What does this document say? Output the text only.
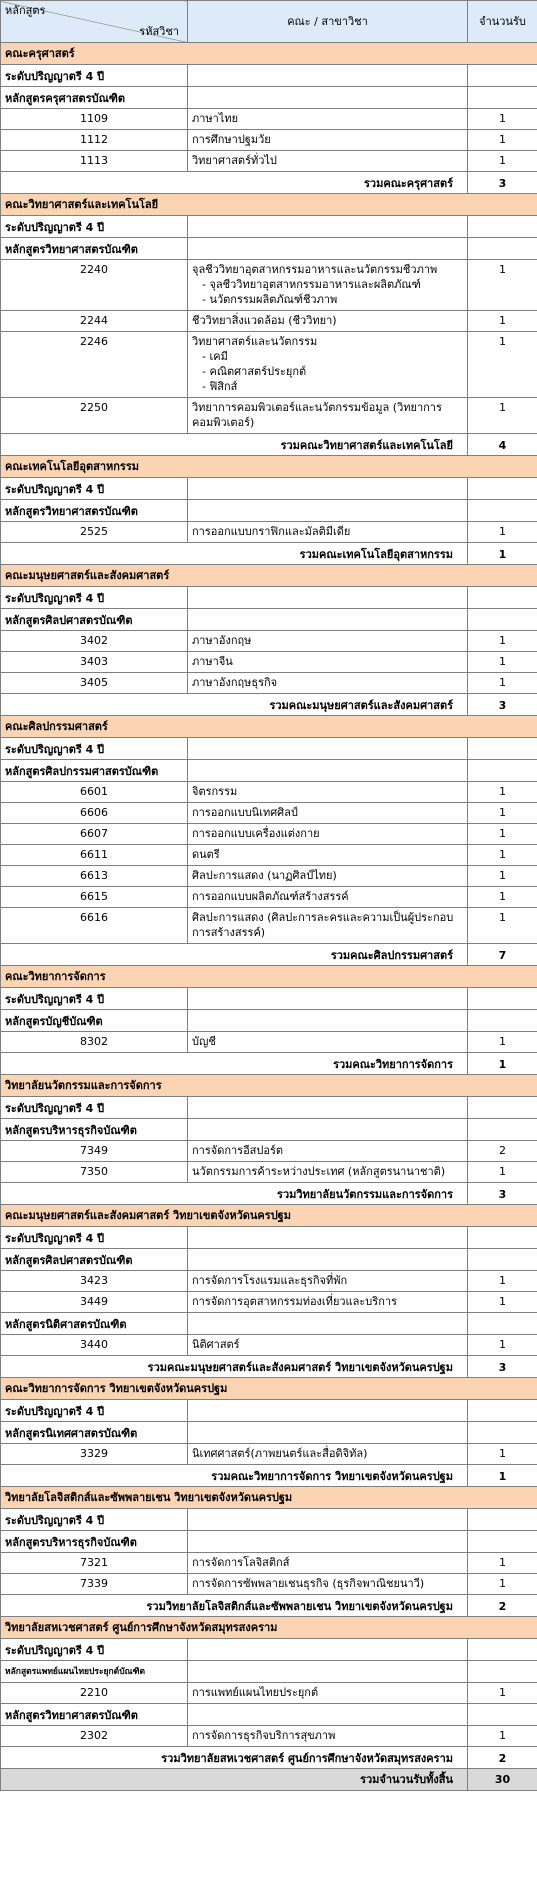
หลักสูตร
รหัสวิชา	คณะ / สาขาวิชา	จำนวนรับ
คณะครุศาสตร์		
ระดับปริญญาตรี 4 ปี		
หลักสูตรครุศาสตรบัณฑิต		
1109	ภาษาไทย	1
1112	การศึกษาปฐมวัย	1
1113	วิทยาศาสตร์ทั่วไป	1
รวมคณะครุศาสตร์		3
คณะวิทยาศาสตร์และเทคโนโลยี		
ระดับปริญญาตรี 4 ปี		
หลักสูตรวิทยาศาสตรบัณฑิต		
2240	จุลชีววิทยาอุตสาหกรรมอาหารและนวัตกรรมชีวภาพ
- จุลชีววิทยาอุตสาหกรรมอาหารและผลิตภัณฑ์
- นวัตกรรมผลิตภัณฑ์ชีวภาพ	1
2244	ชีววิทยาสิ่งแวดล้อม (ชีววิทยา)	1
2246	วิทยาศาสตร์และนวัตกรรม
- เคมี
- คณิตศาสตร์ประยุกต์
- ฟิสิกส์	1
2250	วิทยาการคอมพิวเตอร์และนวัตกรรมข้อมูล (วิทยาการคอมพิวเตอร์)	1
รวมคณะวิทยาศาสตร์และเทคโนโลยี		4
คณะเทคโนโลยีอุตสาหกรรม		
ระดับปริญญาตรี 4 ปี		
หลักสูตรวิทยาศาสตรบัณฑิต		
2525	การออกแบบกราฟิกและมัลติมีเดีย	1
รวมคณะเทคโนโลยีอุตสาหกรรม		1
คณะมนุษยศาสตร์และสังคมศาสตร์		
ระดับปริญญาตรี 4 ปี		
หลักสูตรศิลปศาสตรบัณฑิต		
3402	ภาษาอังกฤษ	1
3403	ภาษาจีน	1
3405	ภาษาอังกฤษธุรกิจ	1
รวมคณะมนุษยศาสตร์และสังคมศาสตร์		3
คณะศิลปกรรมศาสตร์		
ระดับปริญญาตรี 4 ปี		
หลักสูตรศิลปกรรมศาสตรบัณฑิต		
6601	จิตรกรรม	1
6606	การออกแบบนิเทศศิลป์	1
6607	การออกแบบเครื่องแต่งกาย	1
6611	ดนตรี	1
6613	ศิลปะการแสดง (นาฏศิลป์ไทย)	1
6615	การออกแบบผลิตภัณฑ์สร้างสรรค์	1
6616	ศิลปะการแสดง (ศิลปะการละครและความเป็นผู้ประกอบการสร้างสรรค์)	1
รวมคณะศิลปกรรมศาสตร์		7
คณะวิทยาการจัดการ		
ระดับปริญญาตรี 4 ปี		
หลักสูตรบัญชีบัณฑิต		
8302	บัญชี	1
รวมคณะวิทยาการจัดการ		1
วิทยาลัยนวัตกรรมและการจัดการ		
ระดับปริญญาตรี 4 ปี		
หลักสูตรบริหารธุรกิจบัณฑิต		
7349	การจัดการอีสปอร์ต	2
7350	นวัตกรรมการค้าระหว่างประเทศ (หลักสูตรนานาชาติ)	1
รวมวิทยาลัยนวัตกรรมและการจัดการ		3
คณะมนุษยศาสตร์และสังคมศาสตร์ วิทยาเขตจังหวัดนครปฐม		
ระดับปริญญาตรี 4 ปี		
หลักสูตรศิลปศาสตรบัณฑิต		
3423	การจัดการโรงแรมและธุรกิจที่พัก	1
3449	การจัดการอุตสาหกรรมท่องเที่ยวและบริการ	1
หลักสูตรนิติศาสตรบัณฑิต		
3440	นิติศาสตร์	1
รวมคณะมนุษยศาสตร์และสังคมศาสตร์ วิทยาเขตจังหวัดนครปฐม		3
คณะวิทยาการจัดการ วิทยาเขตจังหวัดนครปฐม		
ระดับปริญญาตรี 4 ปี		
หลักสูตรนิเทศศาสตรบัณฑิต		
3329	นิเทศศาสตร์(ภาพยนตร์และสื่อดิจิทัล)	1
รวมคณะวิทยาการจัดการ วิทยาเขตจังหวัดนครปฐม		1
วิทยาลัยโลจิสติกส์และซัพพลายเชน วิทยาเขตจังหวัดนครปฐม		
ระดับปริญญาตรี 4 ปี		
หลักสูตรบริหารธุรกิจบัณฑิต		
7321	การจัดการโลจิสติกส์	1
7339	การจัดการซัพพลายเชนธุรกิจ (ธุรกิจพาณิชยนาวี)	1
รวมวิทยาลัยโลจิสติกส์และซัพพลายเชน วิทยาเขตจังหวัดนครปฐม		2
วิทยาลัยสหเวชศาสตร์ ศูนย์การศึกษาจังหวัดสมุทรสงคราม		
ระดับปริญญาตรี 4 ปี		
หลักสูตรแพทย์แผนไทยประยุกต์บัณฑิต		
2210	การแพทย์แผนไทยประยุกต์	1
หลักสูตรวิทยาศาสตรบัณฑิต		
2302	การจัดการธุรกิจบริการสุขภาพ	1
รวมวิทยาลัยสหเวชศาสตร์ ศูนย์การศึกษาจังหวัดสมุทรสงคราม		2
รวมจำนวนรับทั้งสิ้น		30
